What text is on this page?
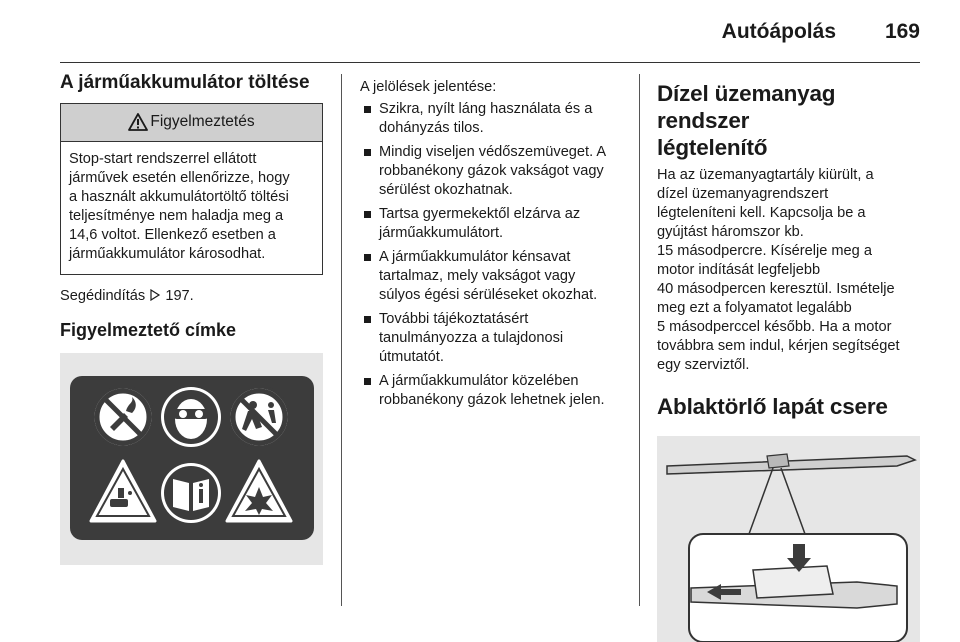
Autóápolás 169
A járműakkumulátor töltése
Figyelmeztetés
Stop-start rendszerrel ellátott
járművek esetén ellenőrizze, hogy
a használt akkumulátortöltő töltési
teljesítménye nem haladja meg a
14,6 voltot. Ellenkező esetben a
járműakkumulátor károsodhat.

Segédindítás 197.

Figyelmeztető címke

A jelölések jelentése:

Szikra, nyílt láng használata és a
dohányzás tilos.
Mindig viseljen védőszemüveget. A
robbanékony gázok vakságot vagy
sérülést okozhatnak.
Tartsa gyermekektől elzárva az
járműakkumulátort.
A járműakkumulátor kénsavat
tartalmaz, mely vakságot vagy
súlyos égési sérüléseket okozhat.
További tájékoztatásért
tanulmányozza a tulajdonosi
útmutatót.
A járműakkumulátor közelében
robbanékony gázok lehetnek jelen.
Dízel üzemanyag rendszer
légtelenítő

Ha az üzemanyagtartály kiürült, a

dízel üzemanyagrendszert

légteleníteni kell. Kapcsolja be a

gyújtást háromszor kb.

15 másodpercre. Kísérelje meg a

motor indítását legfeljebb

40 másodpercen keresztül. Ismételje

meg ezt a folyamatot legalább

5 másodperccel később. Ha a motor

továbbra sem indul, kérjen segítséget

egy szerviztől.

Ablaktörlő lapát csere
